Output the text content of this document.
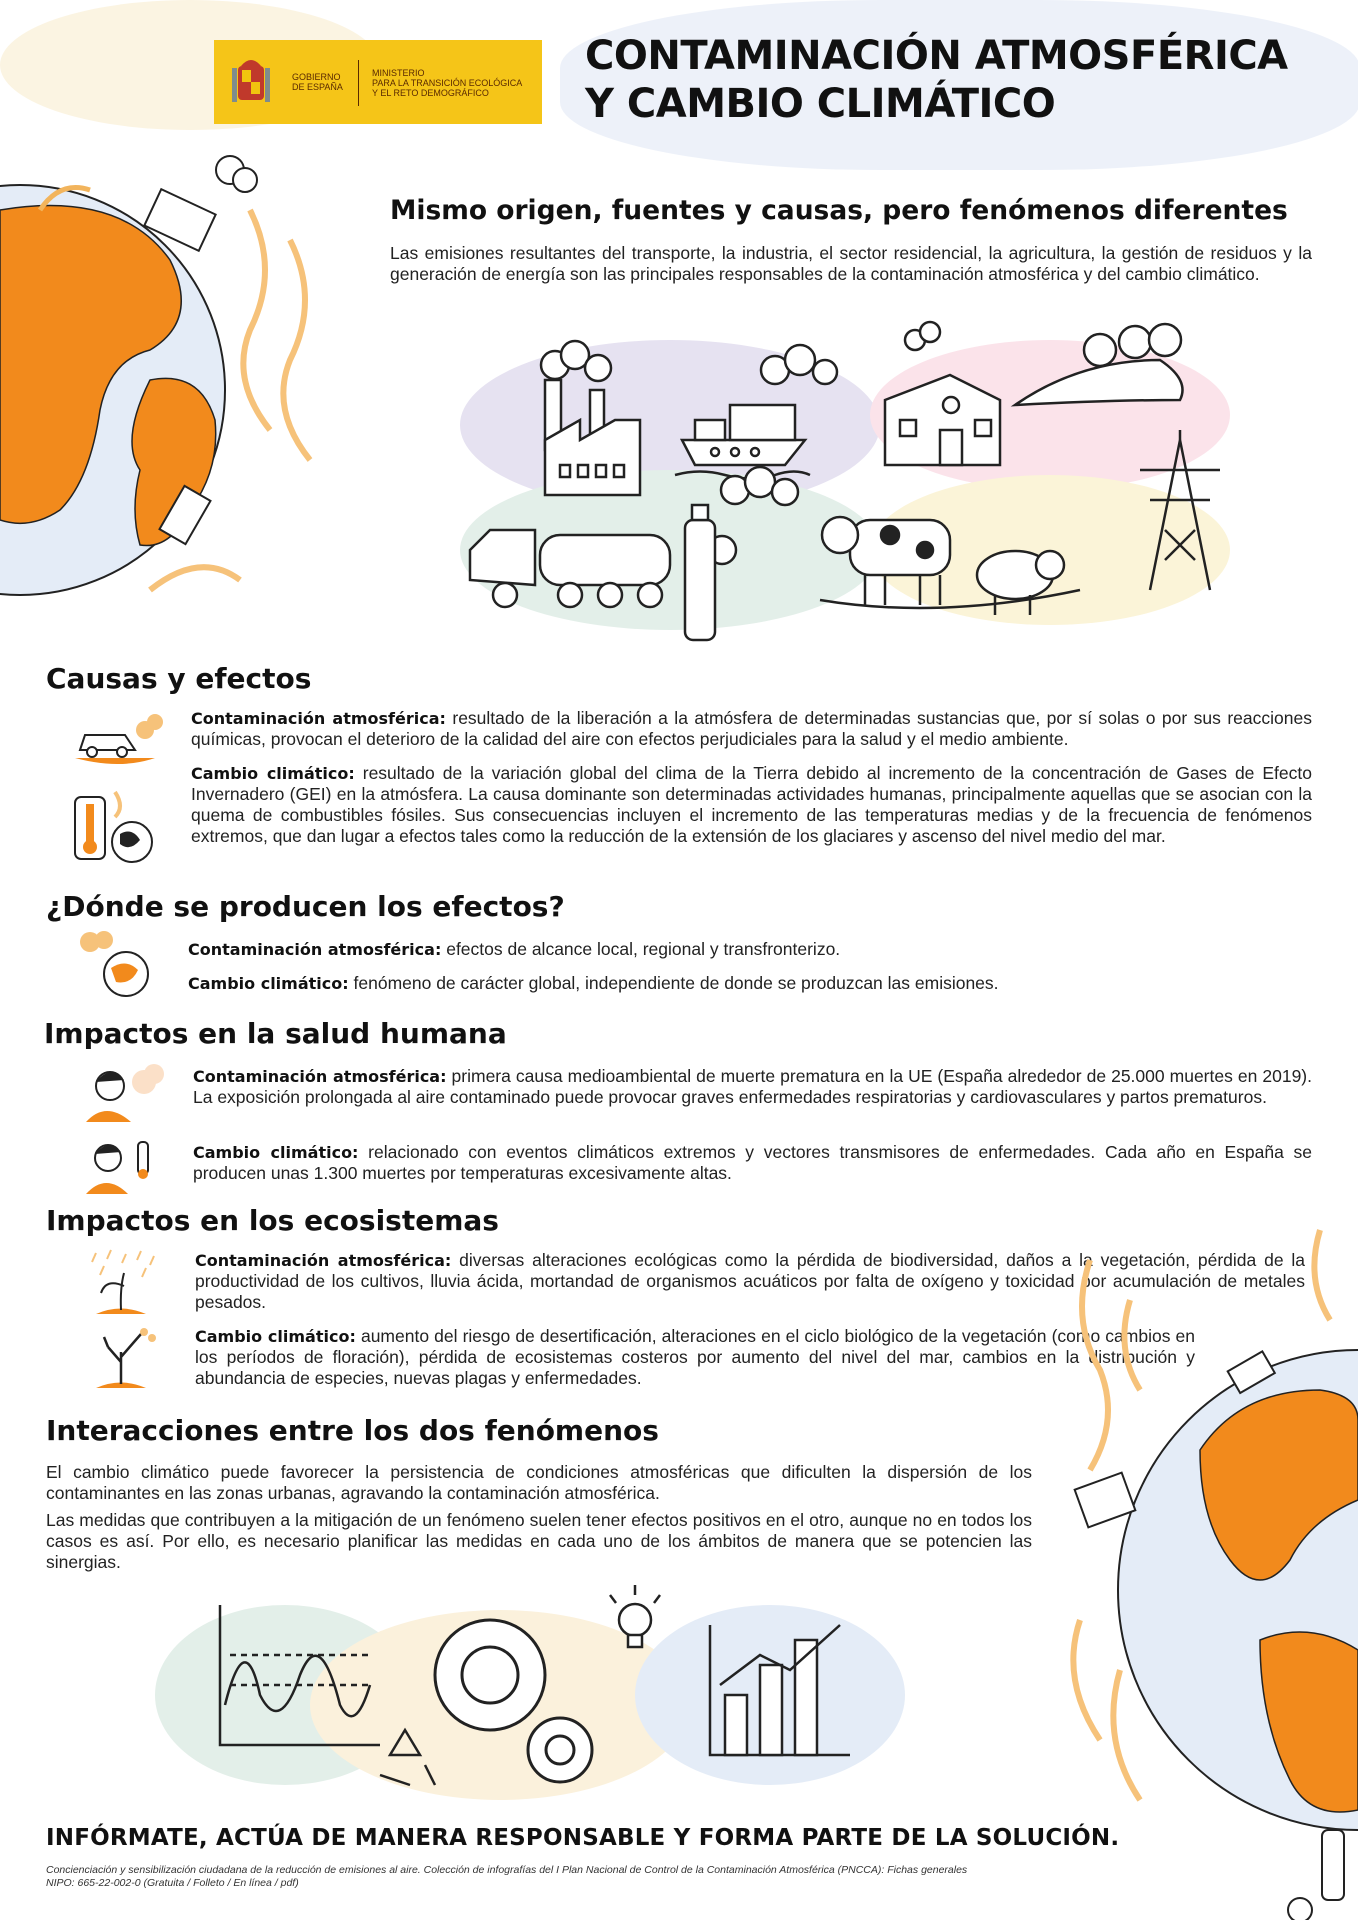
GOBIERNO
DE ESPAÑA
MINISTERIO
PARA LA TRANSICIÓN ECOLÓGICA
Y EL RETO DEMOGRÁFICO
CONTAMINACIÓN ATMOSFÉRICA
Y CAMBIO CLIMÁTICO
Mismo origen, fuentes y causas, pero fenómenos diferentes
Las emisiones resultantes del transporte, la industria, el sector residencial, la agricultura, la gestión de residuos y la generación de energía son las principales responsables de la contaminación atmosférica y del cambio climático.
Causas y efectos
Contaminación atmosférica: resultado de la liberación a la atmósfera de determinadas sustancias que, por sí solas o por sus reacciones químicas, provocan el deterioro de la calidad del aire con efectos perjudiciales para la salud y el medio ambiente.
Cambio climático: resultado de la variación global del clima de la Tierra debido al incremento de la concentración de Gases de Efecto Invernadero (GEI) en la atmósfera. La causa dominante son determinadas actividades humanas, principalmente aquellas que se asocian con la quema de combustibles fósiles. Sus consecuencias incluyen el incremento de las temperaturas medias y de la frecuencia de fenómenos extremos, que dan lugar a efectos tales como la reducción de la extensión de los glaciares y ascenso del nivel medio del mar.
¿Dónde se producen los efectos?
Contaminación atmosférica: efectos de alcance local, regional y transfronterizo.
Cambio climático: fenómeno de carácter global, independiente de donde se produzcan las emisiones.
Impactos en la salud humana
Contaminación atmosférica: primera causa medioambiental de muerte prematura en la UE (España alrededor de 25.000 muertes en 2019). La exposición prolongada al aire contaminado puede provocar graves enfermedades respiratorias y cardiovasculares y partos prematuros.
Cambio climático: relacionado con eventos climáticos extremos y vectores transmisores de enfermedades. Cada año en España se producen unas 1.300 muertes por temperaturas excesivamente altas.
Impactos en los ecosistemas
Contaminación atmosférica: diversas alteraciones ecológicas como la pérdida de biodiversidad, daños a la vegetación, pérdida de la productividad de los cultivos, lluvia ácida, mortandad de organismos acuáticos por falta de oxígeno y toxicidad por acumulación de metales pesados.
Cambio climático: aumento del riesgo de desertificación, alteraciones en el ciclo biológico de la vegetación (como cambios en los períodos de floración), pérdida de ecosistemas costeros por aumento del nivel del mar, cambios en la distribución y abundancia de especies, nuevas plagas y enfermedades.
Interacciones entre los dos fenómenos
El cambio climático puede favorecer la persistencia de condiciones atmosféricas que dificulten la dispersión de los contaminantes en las zonas urbanas, agravando la contaminación atmosférica.
Las medidas que contribuyen a la mitigación de un fenómeno suelen tener efectos positivos en el otro, aunque no en todos los casos es así. Por ello, es necesario planificar las medidas en cada uno de los ámbitos de manera que se potencien las sinergias.
INFÓRMATE, ACTÚA DE MANERA RESPONSABLE Y FORMA PARTE DE LA SOLUCIÓN.
Concienciación y sensibilización ciudadana de la reducción de emisiones al aire. Colección de infografías del I Plan Nacional de Control de la Contaminación Atmosférica (PNCCA): Fichas generales
NIPO: 665-22-002-0 (Gratuita / Folleto / En línea / pdf)
